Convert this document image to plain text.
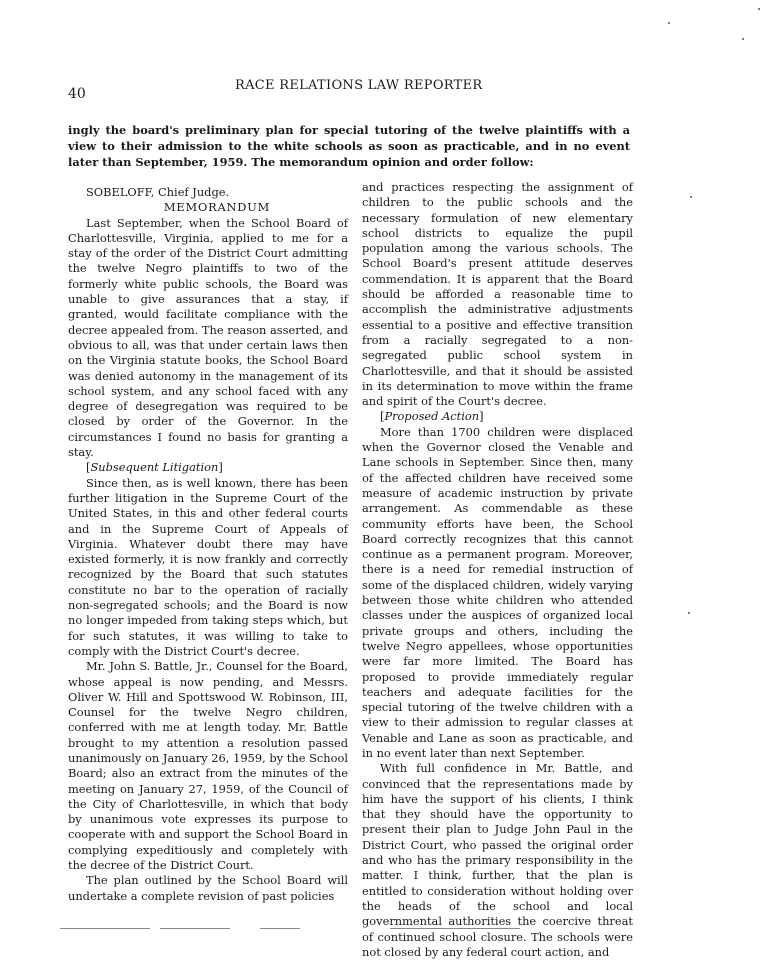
40
RACE RELATIONS LAW REPORTER

ingly the board's preliminary plan for special tutoring of the twelve plaintiffs with a view to their admission to the white schools as soon as practicable, and in no event later than September, 1959. The memorandum opinion and order follow:

SOBELOFF, Chief Judge.

MEMORANDUM

Last September, when the School Board of Charlottesville, Virginia, applied to me for a stay of the order of the District Court admitting the twelve Negro plaintiffs to two of the formerly white public schools, the Board was unable to give assurances that a stay, if granted, would facilitate compliance with the decree appealed from. The reason asserted, and obvious to all, was that under certain laws then on the Virginia statute books, the School Board was denied autonomy in the management of its school system, and any school faced with any degree of desegregation was required to be closed by order of the Governor. In the circumstances I found no basis for granting a stay.

[Subsequent Litigation]

Since then, as is well known, there has been further litigation in the Supreme Court of the United States, in this and other federal courts and in the Supreme Court of Appeals of Virginia. Whatever doubt there may have existed formerly, it is now frankly and correctly recognized by the Board that such statutes constitute no bar to the operation of racially non-segregated schools; and the Board is now no longer impeded from taking steps which, but for such statutes, it was willing to take to comply with the District Court's decree.

Mr. John S. Battle, Jr., Counsel for the Board, whose appeal is now pending, and Messrs. Oliver W. Hill and Spottswood W. Robinson, III, Counsel for the twelve Negro children, conferred with me at length today. Mr. Battle brought to my attention a resolution passed unanimously on January 26, 1959, by the School Board; also an extract from the minutes of the meeting on January 27, 1959, of the Council of the City of Charlottesville, in which that body by unanimous vote expresses its purpose to cooperate with and support the School Board in complying expeditiously and completely with the decree of the District Court.

The plan outlined by the School Board will undertake a complete revision of past policies

and practices respecting the assignment of children to the public schools and the necessary formulation of new elementary school districts to equalize the pupil population among the various schools. The School Board's present attitude deserves commendation. It is apparent that the Board should be afforded a reasonable time to accomplish the administrative adjustments essential to a positive and effective transition from a racially segregated to a non-segregated public school system in Charlottesville, and that it should be assisted in its determination to move within the frame and spirit of the Court's decree.

[Proposed Action]

More than 1700 children were displaced when the Governor closed the Venable and Lane schools in September. Since then, many of the affected children have received some measure of academic instruction by private arrangement. As commendable as these community efforts have been, the School Board correctly recognizes that this cannot continue as a permanent program. Moreover, there is a need for remedial instruction of some of the displaced children, widely varying between those white children who attended classes under the auspices of organized local private groups and others, including the twelve Negro appellees, whose opportunities were far more limited. The Board has proposed to provide immediately regular teachers and adequate facilities for the special tutoring of the twelve children with a view to their admission to regular classes at Venable and Lane as soon as practicable, and in no event later than next September.

With full confidence in Mr. Battle, and convinced that the representations made by him have the support of his clients, I think that they should have the opportunity to present their plan to Judge John Paul in the District Court, who passed the original order and who has the primary responsibility in the matter. I think, further, that the plan is entitled to consideration without holding over the heads of the school and local governmental authorities the coercive threat of continued school closure. The schools were not closed by any federal court action, and
